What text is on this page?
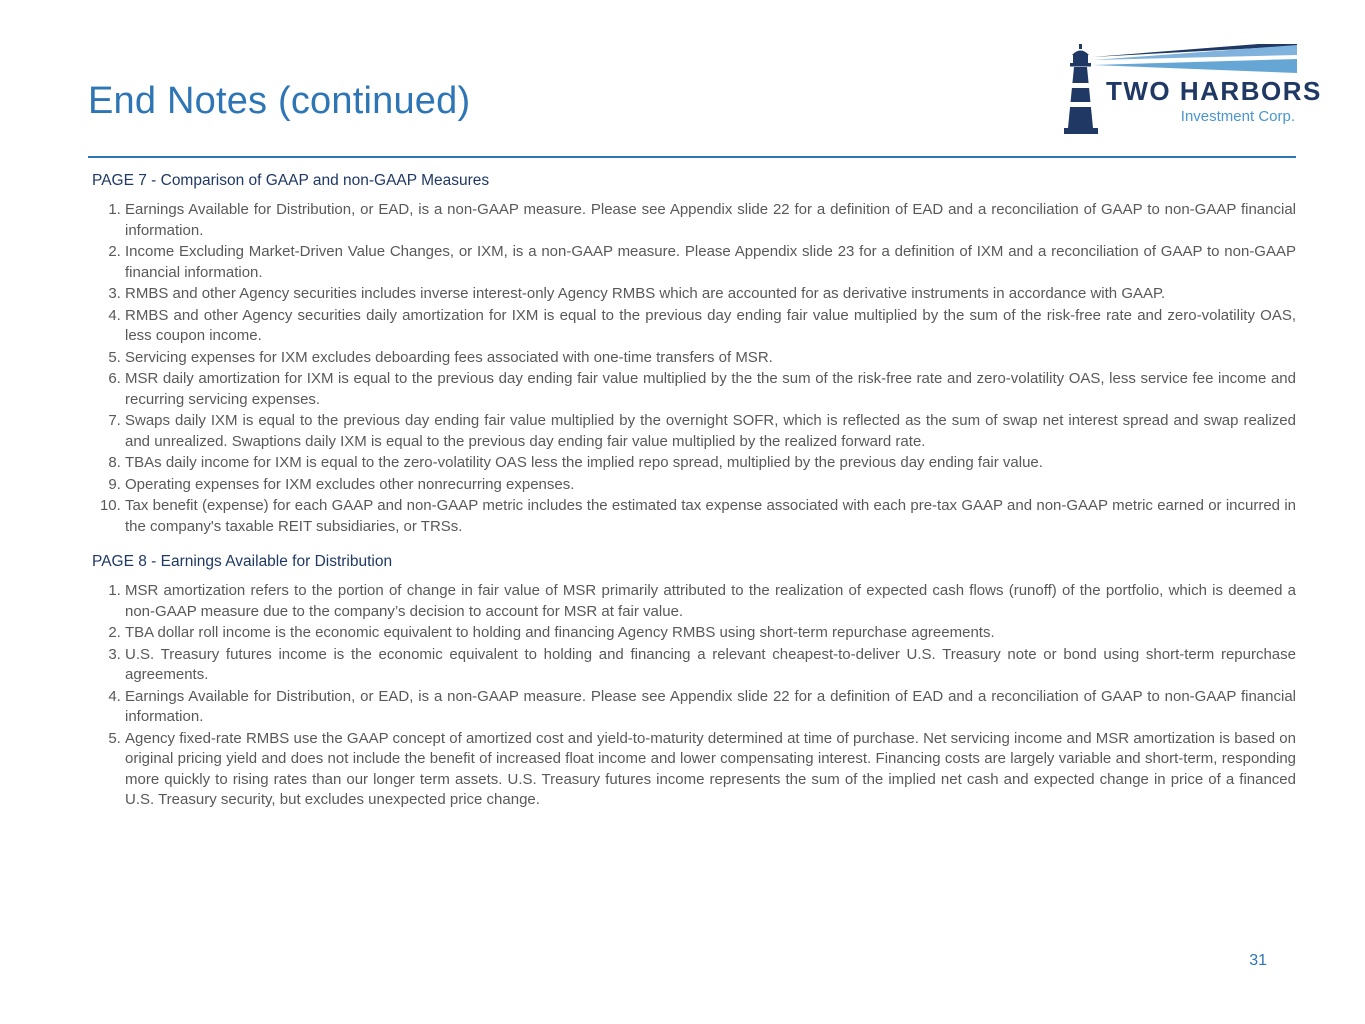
End Notes (continued)	TWO HARBORS
Investment Corp.
PAGE 7 - Comparison of GAAP and non-GAAP Measures
1. Earnings Available for Distribution, or EAD, is a non-GAAP measure. Please see Appendix slide 22 for a definition of EAD and a reconciliation of GAAP to non-GAAP financial information.
2. Income Excluding Market-Driven Value Changes, or IXM, is a non-GAAP measure. Please Appendix slide 23 for a definition of IXM and a reconciliation of GAAP to non-GAAP financial information.
3. RMBS and other Agency securities includes inverse interest-only Agency RMBS which are accounted for as derivative instruments in accordance with GAAP.
4. RMBS and other Agency securities daily amortization for IXM is equal to the previous day ending fair value multiplied by the sum of the risk-free rate and zero-volatility OAS, less coupon income.
5. Servicing expenses for IXM excludes deboarding fees associated with one-time transfers of MSR.
6. MSR daily amortization for IXM is equal to the previous day ending fair value multiplied by the the sum of the risk-free rate and zero-volatility OAS, less service fee income and recurring servicing expenses.
7. Swaps daily IXM is equal to the previous day ending fair value multiplied by the overnight SOFR, which is reflected as the sum of swap net interest spread and swap realized and unrealized. Swaptions daily IXM is equal to the previous day ending fair value multiplied by the realized forward rate.
8. TBAs daily income for IXM is equal to the zero-volatility OAS less the implied repo spread, multiplied by the previous day ending fair value.
9. Operating expenses for IXM excludes other nonrecurring expenses.
10. Tax benefit (expense) for each GAAP and non-GAAP metric includes the estimated tax expense associated with each pre-tax GAAP and non-GAAP metric earned or incurred in the company's taxable REIT subsidiaries, or TRSs.
PAGE 8 - Earnings Available for Distribution
1. MSR amortization refers to the portion of change in fair value of MSR primarily attributed to the realization of expected cash flows (runoff) of the portfolio, which is deemed a non-GAAP measure due to the company’s decision to account for MSR at fair value.
2. TBA dollar roll income is the economic equivalent to holding and financing Agency RMBS using short-term repurchase agreements.
3. U.S. Treasury futures income is the economic equivalent to holding and financing a relevant cheapest-to-deliver U.S. Treasury note or bond using short-term repurchase agreements.
4. Earnings Available for Distribution, or EAD, is a non-GAAP measure. Please see Appendix slide 22 for a definition of EAD and a reconciliation of GAAP to non-GAAP financial information.
5. Agency fixed-rate RMBS use the GAAP concept of amortized cost and yield-to-maturity determined at time of purchase. Net servicing income and MSR amortization is based on original pricing yield and does not include the benefit of increased float income and lower compensating interest. Financing costs are largely variable and short-term, responding more quickly to rising rates than our longer term assets. U.S. Treasury futures income represents the sum of the implied net cash and expected change in price of a financed U.S. Treasury security, but excludes unexpected price change.
31
